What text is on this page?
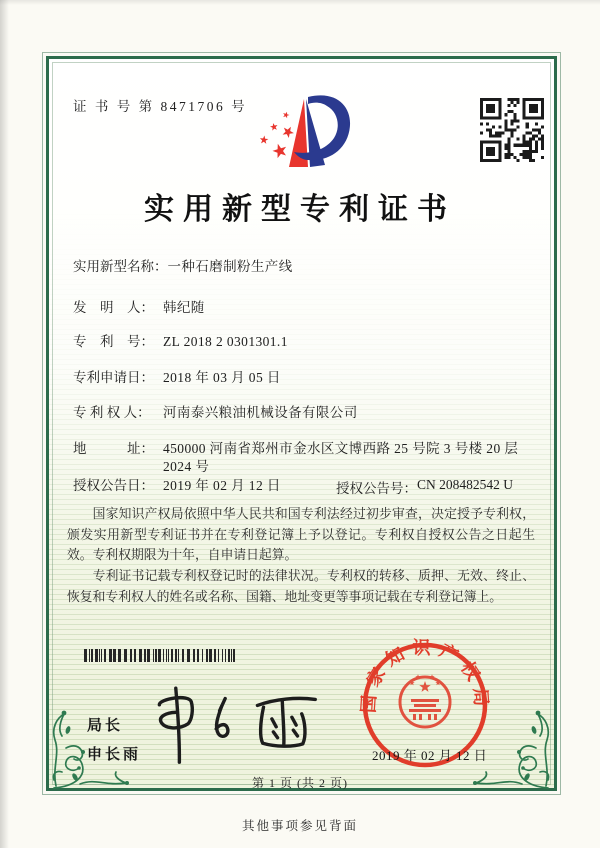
证 书 号 第 8471706 号
实用新型专利证书
实用新型名称： 一种石磨制粉生产线
发　明　人： 韩纪随
专　利　号： ZL 2018 2 0301301.1
专利申请日： 2018 年 03 月 05 日
专 利 权 人： 河南泰兴粮油机械设备有限公司
地　　　址： 450000 河南省郑州市金水区文博西路 25 号院 3 号楼 20 层 2024 号
授权公告日： 2019 年 02 月 12 日	授权公告号： CN 208482542 U

国家知识产权局依照中华人民共和国专利法经过初步审查，决定授予专利权，颁发实用新型专利证书并在专利登记簿上予以登记。专利权自授权公告之日起生效。专利权期限为十年，自申请日起算。

专利证书记载专利权登记时的法律状况。专利权的转移、质押、无效、终止、恢复和专利权人的姓名或名称、国籍、地址变更等事项记载在专利登记簿上。

局长
申长雨
国家知识产权局
2019 年 02 月 12 日
第 1 页 (共 2 页)
其他事项参见背面
